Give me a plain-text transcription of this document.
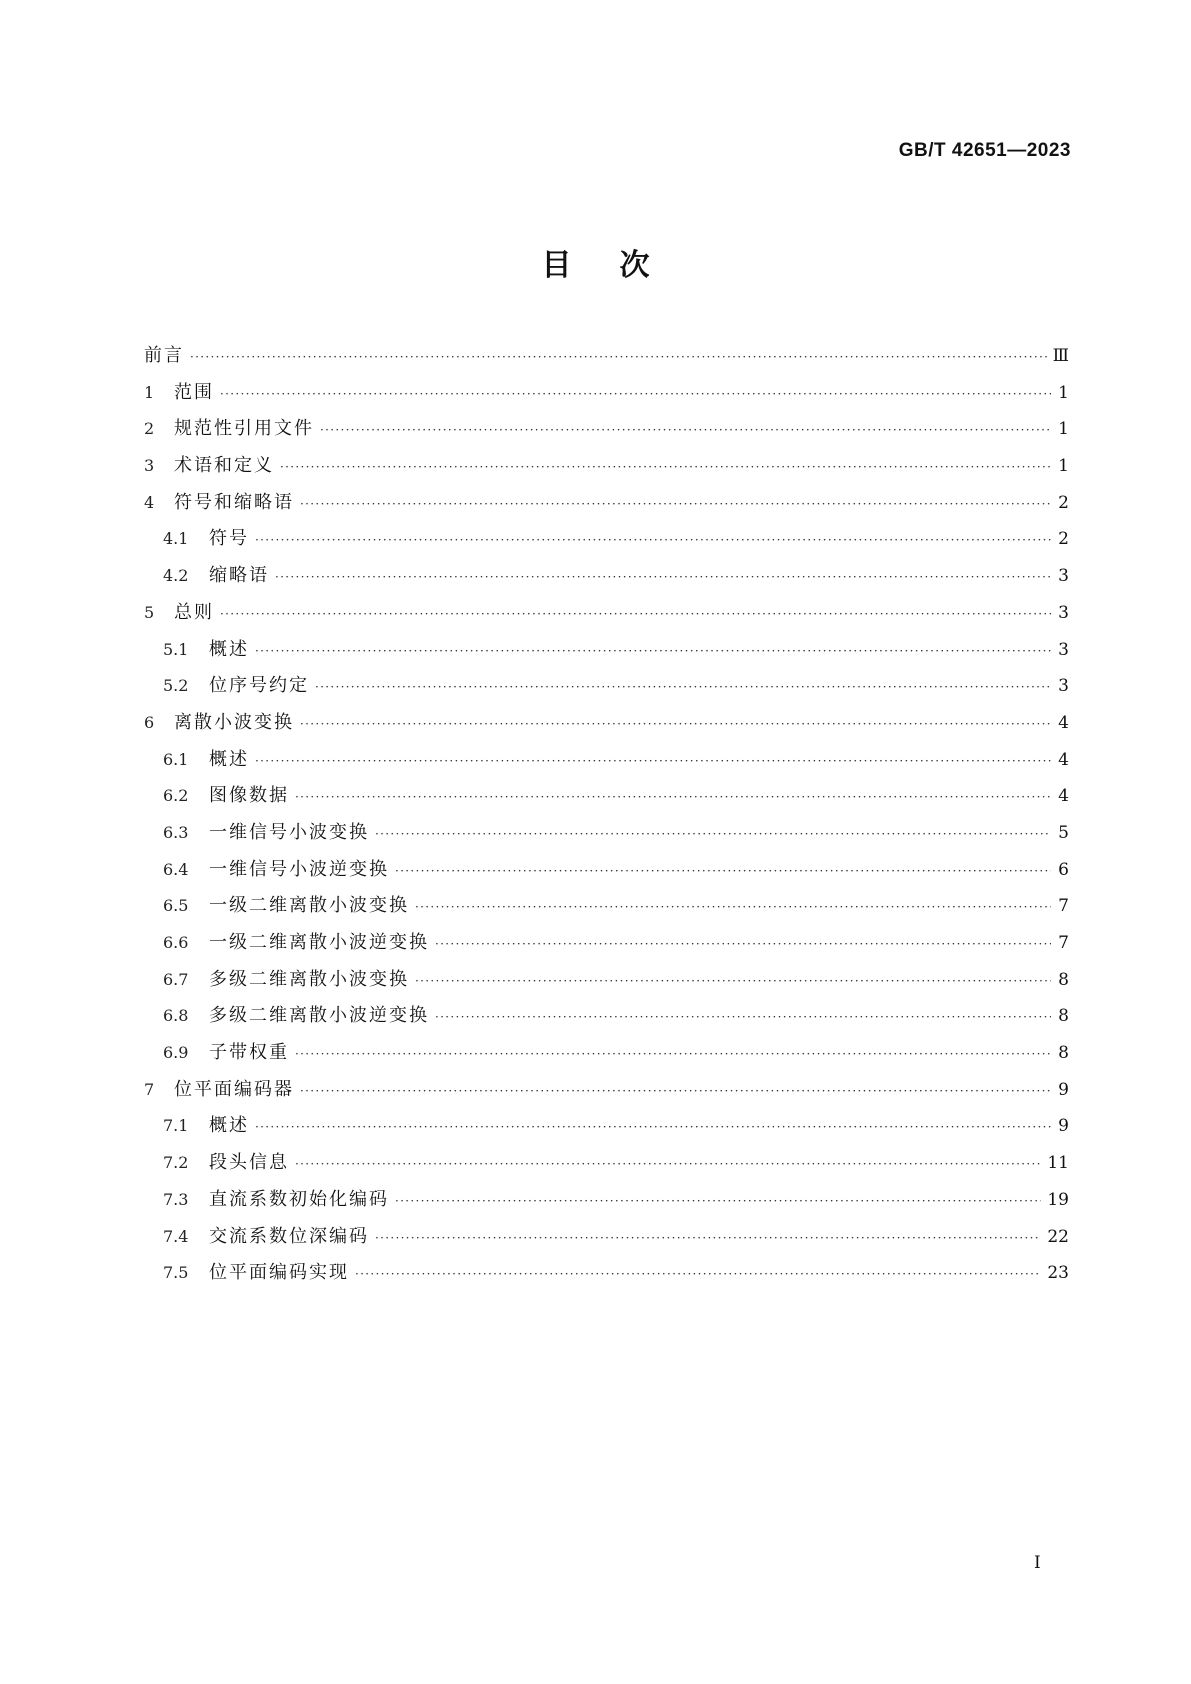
GB/T 42651—2023
目次
前言 ·····	Ⅲ
1	范围 ·····	1
2	规范性引用文件 ·····	1
3	术语和定义 ·····	1
4	符号和缩略语 ·····	2
4.1	符号 ·····	2
4.2	缩略语 ·····	3
5	总则 ·····	3
5.1	概述 ·····	3
5.2	位序号约定 ·····	3
6	离散小波变换 ·····	4
6.1	概述 ·····	4
6.2	图像数据 ·····	4
6.3	一维信号小波变换 ·····	5
6.4	一维信号小波逆变换 ·····	6
6.5	一级二维离散小波变换 ·····	7
6.6	一级二维离散小波逆变换 ·····	7
6.7	多级二维离散小波变换 ·····	8
6.8	多级二维离散小波逆变换 ·····	8
6.9	子带权重 ·····	8
7	位平面编码器 ·····	9
7.1	概述 ·····	9
7.2	段头信息 ·····	11
7.3	直流系数初始化编码 ·····	19
7.4	交流系数位深编码 ·····	22
7.5	位平面编码实现 ·····	23
I
